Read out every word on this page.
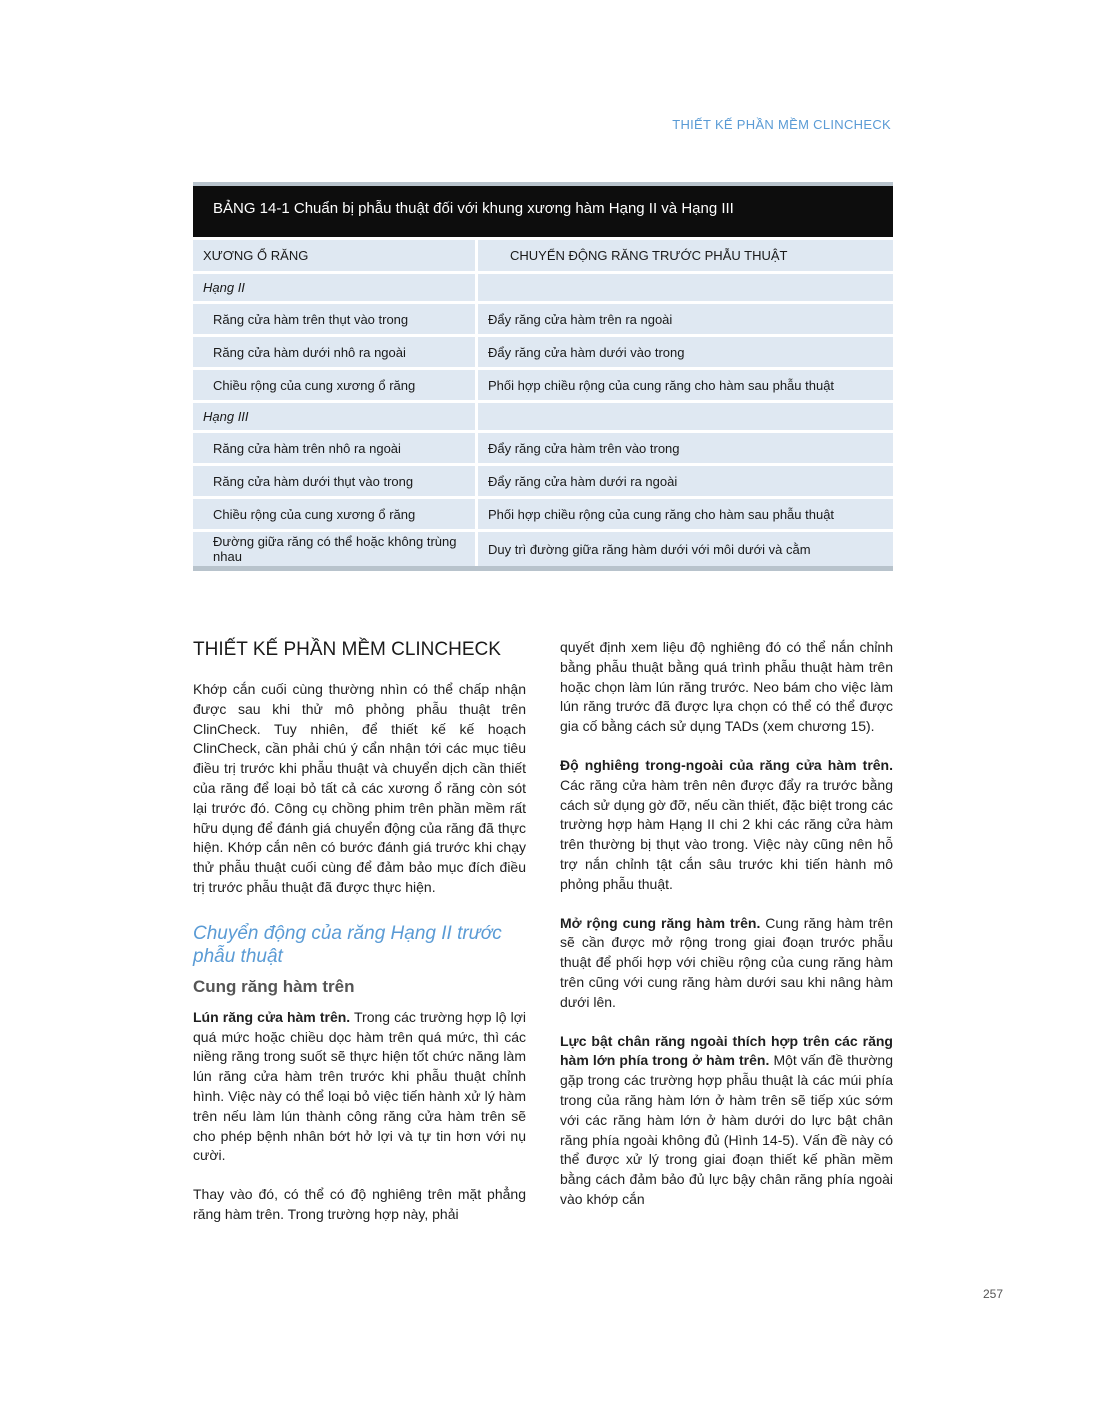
THIẾT KẾ PHẦN MỀM CLINCHECK
BẢNG 14-1 Chuẩn bị phẫu thuật đối với khung xương hàm Hạng II và Hạng III
XƯƠNG Ổ RĂNG	CHUYỂN ĐỘNG RĂNG TRƯỚC PHẪU THUẬT
Hạng II	
Răng cửa hàm trên thụt vào trong	Đẩy răng cửa hàm trên ra ngoài
Răng cửa hàm dưới nhô ra ngoài	Đẩy răng cửa hàm dưới vào trong
Chiều rộng của cung xương ổ răng	Phối hợp chiều rộng của cung răng cho hàm sau phẫu thuật
Hạng III	
Răng cửa hàm trên nhô ra ngoài	Đẩy răng cửa hàm trên vào trong
Răng cửa hàm dưới thụt vào trong	Đẩy răng cửa hàm dưới ra ngoài
Chiều rộng của cung xương ổ răng	Phối hợp chiều rộng của cung răng cho hàm sau phẫu thuật
Đường giữa răng có thể hoặc không trùng nhau	Duy trì đường giữa răng hàm dưới với môi dưới và cằm
THIẾT KẾ PHẦN MỀM CLINCHECK

Khớp cắn cuối cùng thường nhìn có thể chấp nhận được sau khi thử mô phỏng phẫu thuật trên ClinCheck. Tuy nhiên, để thiết kế kế hoạch ClinCheck, cần phải chú ý cẩn nhận tới các mục tiêu điều trị trước khi phẫu thuật và chuyển dịch cần thiết của răng để loại bỏ tất cả các xương ổ răng còn sót lại trước đó. Công cụ chồng phim trên phần mềm rất hữu dụng để đánh giá chuyển động của răng đã thực hiện. Khớp cắn nên có bước đánh giá trước khi chạy thử phẫu thuật cuối cùng để đảm bảo mục đích điều trị trước phẫu thuật đã được thực hiện.

Chuyển động của răng Hạng II trước phẫu thuật
Cung răng hàm trên

Lún răng cửa hàm trên. Trong các trường hợp lộ lợi quá mức hoặc chiều dọc hàm trên quá mức, thì các niềng răng trong suốt sẽ thực hiện tốt chức năng làm lún răng cửa hàm trên trước khi phẫu thuật chỉnh hình. Việc này có thể loại bỏ việc tiến hành xử lý hàm trên nếu làm lún thành công răng cửa hàm trên sẽ cho phép bệnh nhân bớt hở lợi và tự tin hơn với nụ cười.

Thay vào đó, có thể có độ nghiêng trên mặt phẳng răng hàm trên. Trong trường hợp này, phải

quyết định xem liệu độ nghiêng đó có thể nắn chỉnh bằng phẫu thuật bằng quá trình phẫu thuật hàm trên hoặc chọn làm lún răng trước. Neo bám cho việc làm lún răng trước đã được lựa chọn có thể có thể được gia cố bằng cách sử dụng TADs (xem chương 15).

Độ nghiêng trong-ngoài của răng cửa hàm trên. Các răng cửa hàm trên nên được đẩy ra trước bằng cách sử dụng gờ đỡ, nếu cần thiết, đặc biệt trong các trường hợp hàm Hạng II chi 2 khi các răng cửa hàm trên thường bị thụt vào trong. Việc này cũng nên hỗ trợ nắn chỉnh tật cắn sâu trước khi tiến hành mô phỏng phẫu thuật.

Mở rộng cung răng hàm trên. Cung răng hàm trên sẽ cần được mở rộng trong giai đoạn trước phẫu thuật để phối hợp với chiều rộng của cung răng hàm trên cũng với cung răng hàm dưới sau khi nâng hàm dưới lên.

Lực bật chân răng ngoài thích hợp trên các răng hàm lớn phía trong ở hàm trên. Một vấn đề thường gặp trong các trường hợp phẫu thuật là các múi phía trong của răng hàm lớn ở hàm trên sẽ tiếp xúc sớm với các răng hàm lớn ở hàm dưới do lực bật chân răng phía ngoài không đủ (Hình 14-5). Vấn đề này có thể được xử lý trong giai đoạn thiết kế phần mềm bằng cách đảm bảo đủ lực bậy chân răng phía ngoài vào khớp cắn

257
